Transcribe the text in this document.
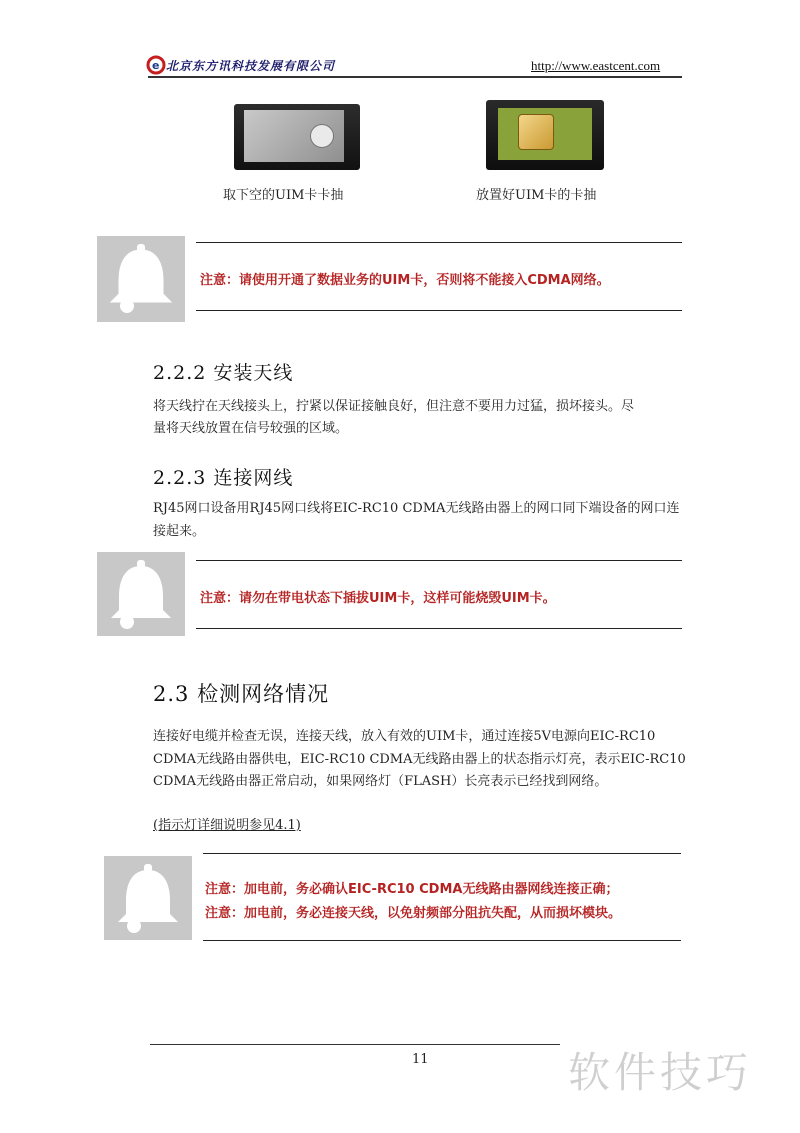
e 北京东方讯科技发展有限公司	http://www.eastcent.com
取下空的UIM卡卡抽	放置好UIM卡的卡抽
注意：请使用开通了数据业务的UIM卡，否则将不能接入CDMA网络。
2.2.2 安装天线
将天线拧在天线接头上，拧紧以保证接触良好，但注意不要用力过猛，损坏接头。尽
量将天线放置在信号较强的区域。
2.2.3 连接网线
RJ45网口设备用RJ45网口线将EIC-RC10 CDMA无线路由器上的网口同下端设备的网口连
接起来。
注意：请勿在带电状态下插拔UIM卡，这样可能烧毁UIM卡。
2.3 检测网络情况
连接好电缆并检查无误，连接天线，放入有效的UIM卡，通过连接5V电源向EIC-RC10
CDMA无线路由器供电，EIC-RC10 CDMA无线路由器上的状态指示灯亮，表示EIC-RC10
CDMA无线路由器正常启动，如果网络灯（FLASH）长亮表示已经找到网络。
(指示灯详细说明参见4.1)
注意：加电前，务必确认EIC-RC10 CDMA无线路由器网线连接正确；
注意：加电前，务必连接天线，以免射频部分阻抗失配，从而损坏模块。
11	软件技巧
